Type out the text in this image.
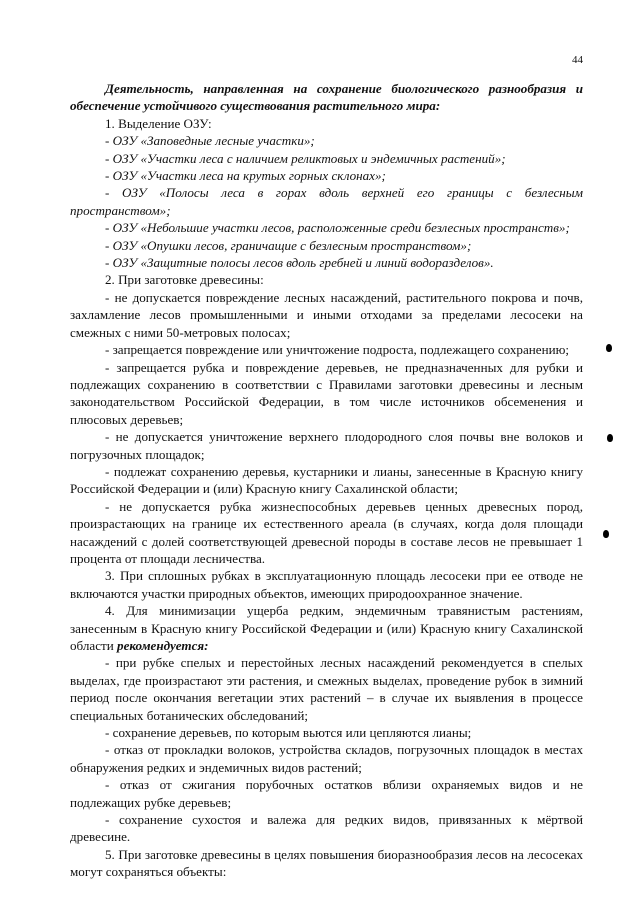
44

Деятельность, направленная на сохранение биологического разнообразия и обеспечение устойчивого существования растительного мира:

1. Выделение ОЗУ:

- ОЗУ «Заповедные лесные участки»;

- ОЗУ «Участки леса с наличием реликтовых и эндемичных растений»;

- ОЗУ «Участки леса на крутых горных склонах»;

- ОЗУ «Полосы леса в горах вдоль верхней его границы с безлесным пространством»;

- ОЗУ «Небольшие участки лесов, расположенные среди безлесных пространств»;

- ОЗУ «Опушки лесов, граничащие с безлесным пространством»;

- ОЗУ «Защитные полосы лесов вдоль гребней и линий водоразделов».

2. При заготовке древесины:

- не допускается повреждение лесных насаждений, растительного покрова и почв, захламление лесов промышленными и иными отходами за пределами лесосеки на смежных с ними 50-метровых полосах;

- запрещается повреждение или уничтожение подроста, подлежащего сохранению;

- запрещается рубка и повреждение деревьев, не предназначенных для рубки и подлежащих сохранению в соответствии с Правилами заготовки древесины и лесным законодательством Российской Федерации, в том числе источников обсеменения и плюсовых деревьев;

- не допускается уничтожение верхнего плодородного слоя почвы вне волоков и погрузочных площадок;

- подлежат сохранению деревья, кустарники и лианы, занесенные в Красную книгу Российской Федерации и (или) Красную книгу Сахалинской области;

- не допускается рубка жизнеспособных деревьев ценных древесных пород, произрастающих на границе их естественного ареала (в случаях, когда доля площади насаждений с долей соответствующей древесной породы в составе лесов не превышает 1 процента от площади лесничества.

3. При сплошных рубках в эксплуатационную площадь лесосеки при ее отводе не включаются участки природных объектов, имеющих природоохранное значение.

4. Для минимизации ущерба редким, эндемичным травянистым растениям, занесенным в Красную книгу Российской Федерации и (или) Красную книгу Сахалинской области рекомендуется:

- при рубке спелых и перестойных лесных насаждений рекомендуется в спелых выделах, где произрастают эти растения, и смежных выделах, проведение рубок в зимний период после окончания вегетации этих растений – в случае их выявления в процессе специальных ботанических обследований;

- сохранение деревьев, по которым вьются или цепляются лианы;

- отказ от прокладки волоков, устройства складов, погрузочных площадок в местах обнаружения редких и эндемичных видов растений;

- отказ от сжигания порубочных остатков вблизи охраняемых видов и не подлежащих рубке деревьев;

- сохранение сухостоя и валежа для редких видов, привязанных к мёртвой древесине.

5. При заготовке древесины в целях повышения биоразнообразия лесов на лесосеках могут сохраняться объекты:
